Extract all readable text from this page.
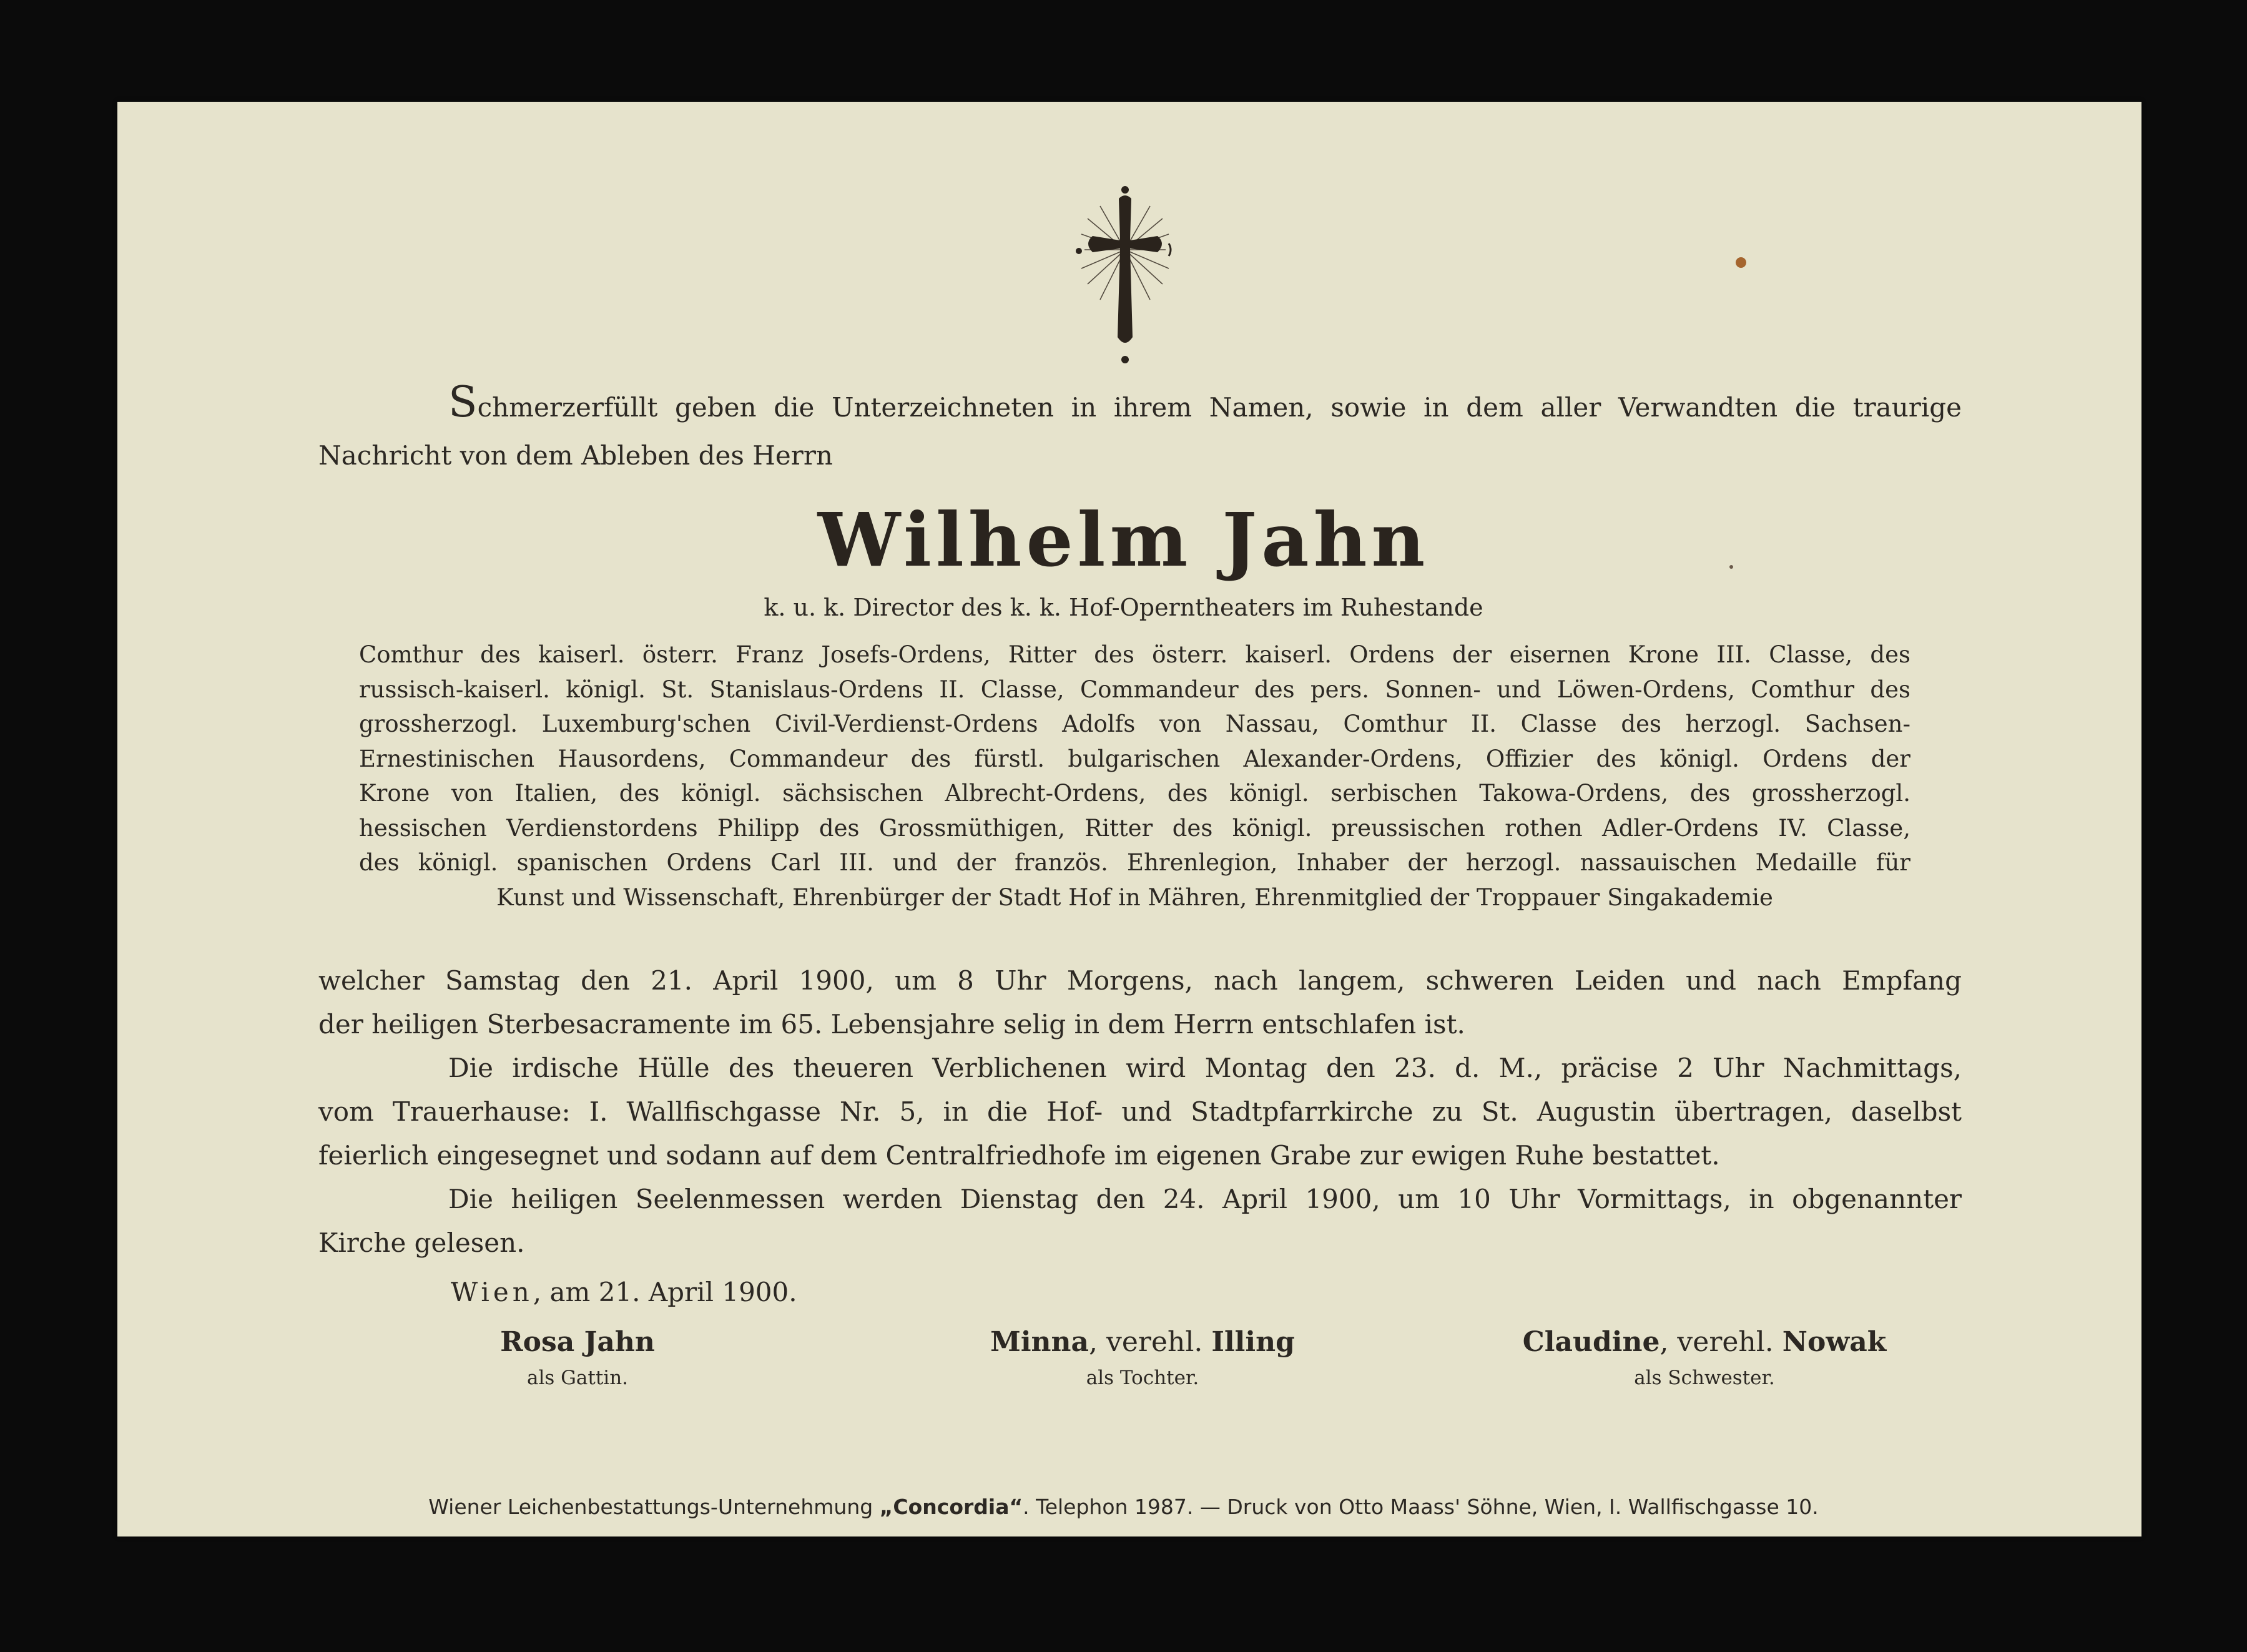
Schmerzerfüllt geben die Unterzeichneten in ihrem Namen, sowie in dem aller Verwandten die traurige
Nachricht von dem Ableben des Herrn
Wilhelm Jahn
k. u. k. Director des k. k. Hof-Operntheaters im Ruhestande
Comthur des kaiserl. österr. Franz Josefs-Ordens, Ritter des österr. kaiserl. Ordens der eisernen Krone III. Classe, des
russisch-kaiserl. königl. St. Stanislaus-Ordens II. Classe, Commandeur des pers. Sonnen- und Löwen-Ordens, Comthur des
grossherzogl. Luxemburg'schen Civil-Verdienst-Ordens Adolfs von Nassau, Comthur II. Classe des herzogl. Sachsen-
Ernestinischen Hausordens, Commandeur des fürstl. bulgarischen Alexander-Ordens, Offizier des königl. Ordens der
Krone von Italien, des königl. sächsischen Albrecht-Ordens, des königl. serbischen Takowa-Ordens, des grossherzogl.
hessischen Verdienstordens Philipp des Grossmüthigen, Ritter des königl. preussischen rothen Adler-Ordens IV. Classe,
des königl. spanischen Ordens Carl III. und der französ. Ehrenlegion, Inhaber der herzogl. nassauischen Medaille für
Kunst und Wissenschaft, Ehrenbürger der Stadt Hof in Mähren, Ehrenmitglied der Troppauer Singakademie
welcher Samstag den 21. April 1900, um 8 Uhr Morgens, nach langem, schweren Leiden und nach Empfang
der heiligen Sterbesacramente im 65. Lebensjahre selig in dem Herrn entschlafen ist.
Die irdische Hülle des theueren Verblichenen wird Montag den 23. d. M., präcise 2 Uhr Nachmittags,
vom Trauerhause: I. Wallfischgasse Nr. 5, in die Hof- und Stadtpfarrkirche zu St. Augustin übertragen, daselbst
feierlich eingesegnet und sodann auf dem Centralfriedhofe im eigenen Grabe zur ewigen Ruhe bestattet.
Die heiligen Seelenmessen werden Dienstag den 24. April 1900, um 10 Uhr Vormittags, in obgenannter
Kirche gelesen.
Wien, am 21. April 1900.
Rosa Jahn
als Gattin.
Minna, verehl. Illing
als Tochter.
Claudine, verehl. Nowak
als Schwester.
Wiener Leichenbestattungs-Unternehmung „Concordia“. Telephon 1987. — Druck von Otto Maass' Söhne, Wien, I. Wallfischgasse 10.
